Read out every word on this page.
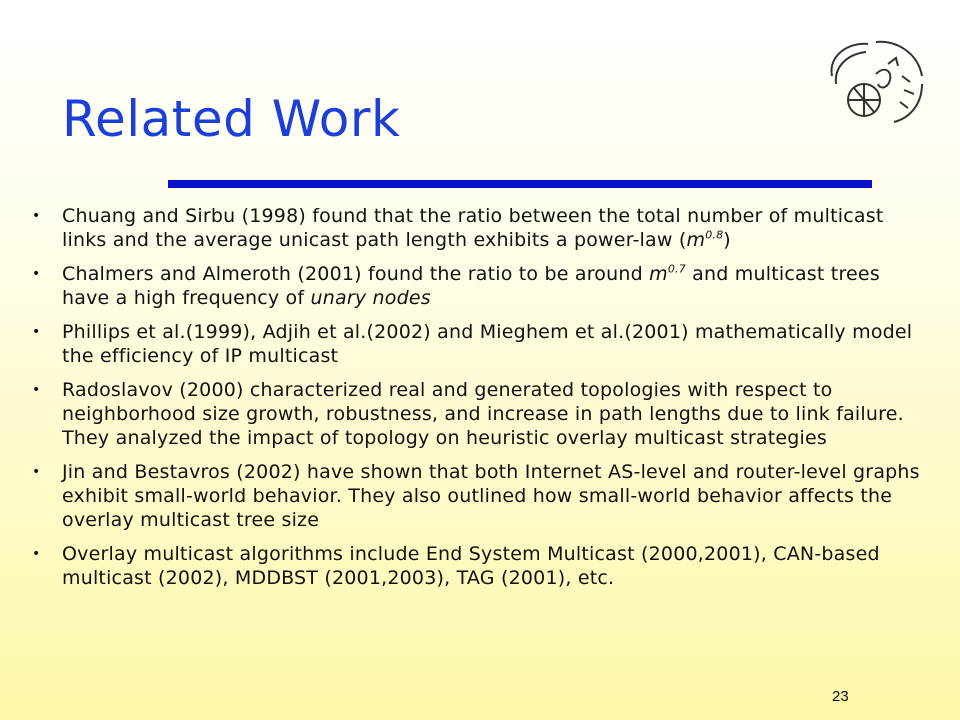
Related Work
• Chuang and Sirbu (1998) found that the ratio between the total number of multicast links and the average unicast path length exhibits a power-law $(m^{0.8})$
• Chalmers and Almeroth (2001) found the ratio to be around $m^{0.7}$ and multicast trees have a high frequency of unary nodes
• Phillips et al.(1999), Adjih et al.(2002) and Mieghem et al.(2001) mathematically model the efficiency of IP multicast
• Radoslavov (2000) characterized real and generated topologies with respect to neighborhood size growth, robustness, and increase in path lengths due to link failure. They analyzed the impact of topology on heuristic overlay multicast strategies
• Jin and Bestavros (2002) have shown that both Internet AS-level and router-level graphs exhibit small-world behavior. They also outlined how small-world behavior affects the overlay multicast tree size
• Overlay multicast algorithms include End System Multicast (2000,2001), CAN-based multicast (2002), MDDBST (2001,2003), TAG (2001), etc.
23
